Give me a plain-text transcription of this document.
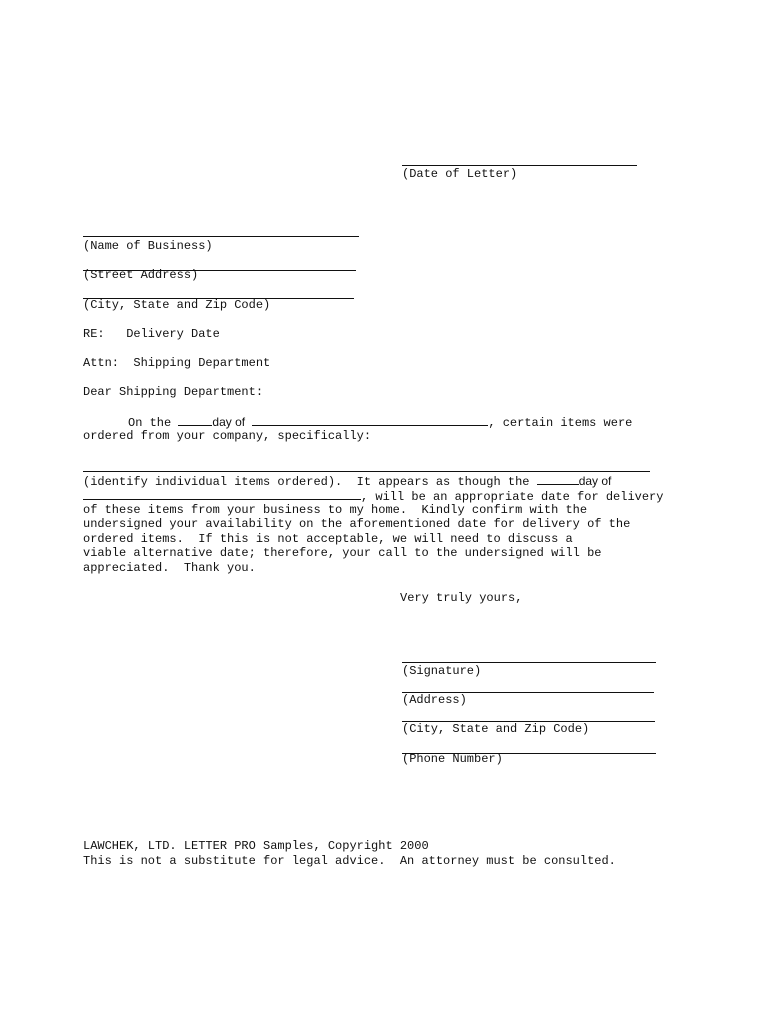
(Date of Letter)
(Name of Business)
(Street Address)
(City, State and Zip Code)
RE:   Delivery Date
Attn:  Shipping Department
Dear Shipping Department:
On the	day of	, certain items were
ordered from your company, specifically:
(identify individual items ordered).  It appears as though the	day of
, will be an appropriate date for delivery
of these items from your business to my home.  Kindly confirm with the
undersigned your availability on the aforementioned date for delivery of the
ordered items.  If this is not acceptable, we will need to discuss a
viable alternative date; therefore, your call to the undersigned will be
appreciated.  Thank you.
Very truly yours,
(Signature)
(Address)
(City, State and Zip Code)
(Phone Number)
LAWCHEK, LTD. LETTER PRO Samples, Copyright 2000
This is not a substitute for legal advice.  An attorney must be consulted.
